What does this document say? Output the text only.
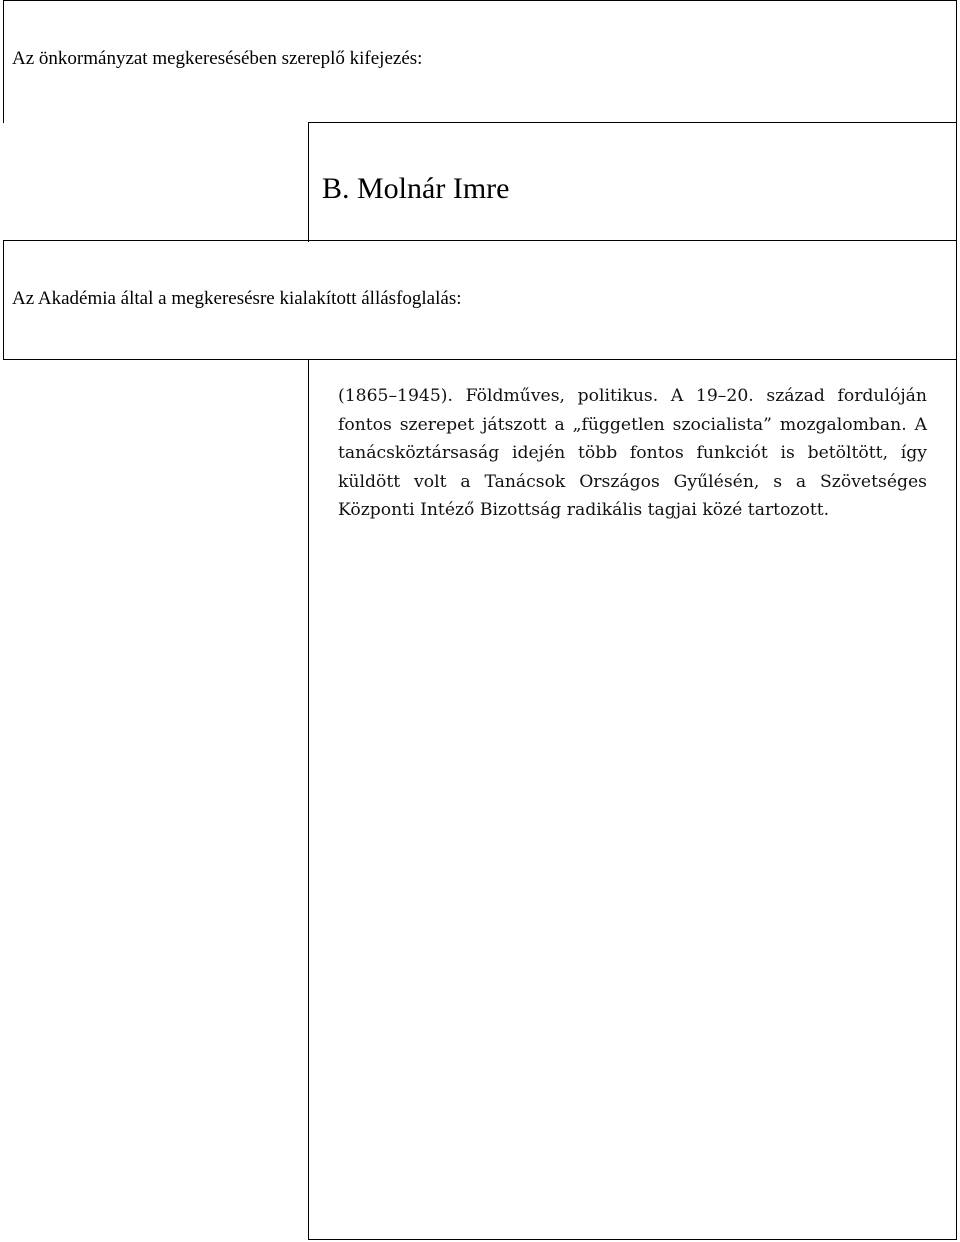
Az önkormányzat megkeresésében szereplő kifejezés:
B. Molnár Imre
Az Akadémia által a megkeresésre kialakított állásfoglalás:
(1865–1945). Földműves, politikus. A 19–20. század fordulóján fontos szerepet játszott a „független szocialista” mozgalomban. A tanácsköztársaság idején több fontos funkciót is betöltött, így küldött volt a Tanácsok Országos Gyűlésén, s a Szövetséges Központi Intéző Bizottság radikális tagjai közé tartozott.
